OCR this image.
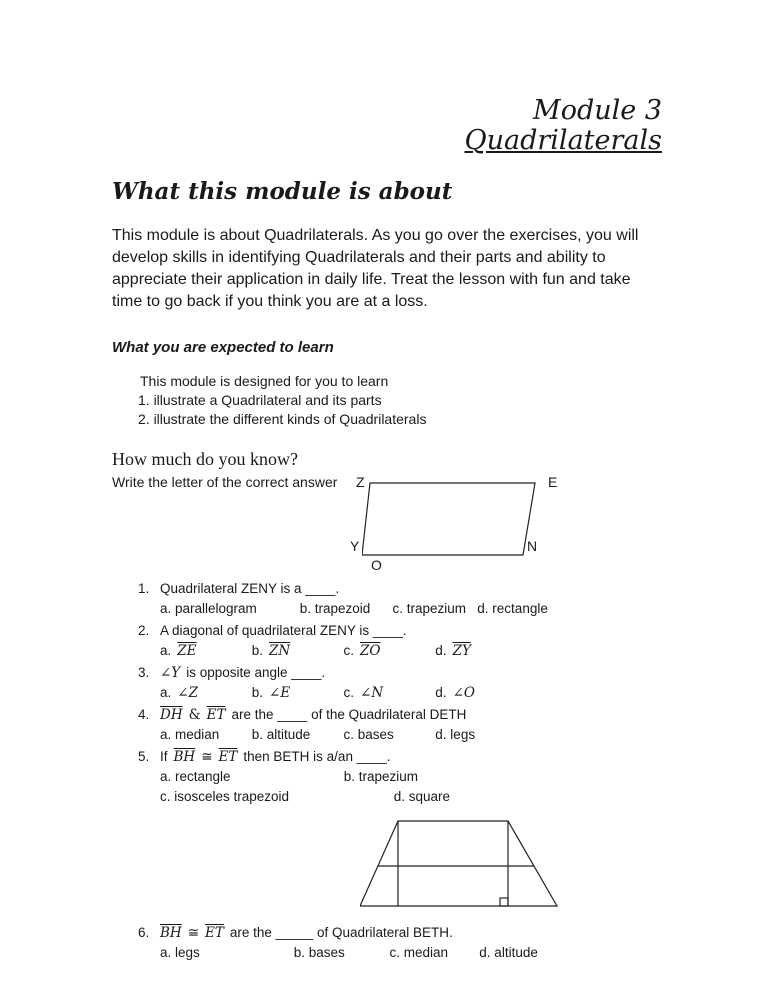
Module 3
Quadrilaterals
What this module is about
This module is about Quadrilaterals. As you go over the exercises, you will develop skills in identifying Quadrilaterals and their parts and ability to appreciate their application in daily life. Treat the lesson with fun and take time to go back if you think you are at a loss.
What you are expected to learn
This module is designed for you to learn
1. illustrate a Quadrilateral and its parts
2. illustrate the different kinds of Quadrilaterals
How much do you know?
Write the letter of the correct answer Z	E
Y	N
O
1. Quadrilateral ZENY is a ____.
a. parallelogram	b. trapezoid c. trapezium d. rectangle
2. A diagonal of quadrilateral ZENY is ____.
a. $\overline{ZE}$	b. $\overline{ZN}$	c. $\overline{ZO}$	d. $\overline{ZY}$
3. ∠Y is opposite angle ____.
a. ∠Z	b. ∠E	c. ∠N	d. ∠O
4. $\overline{DH}$ & $\overline{ET}$ are the ____ of the Quadrilateral DETH
a. median b. altitude c. bases	d. legs
5. If $\overline{BH}$ ≅ $\overline{ET}$ then BETH is a/an ____.
a. rectangle	b. trapezium
c. isosceles trapezoid	d. square
6. $\overline{BH}$ ≅ $\overline{ET}$ are the _____ of Quadrilateral BETH.
a. legs	b. bases	c. median d. altitude
